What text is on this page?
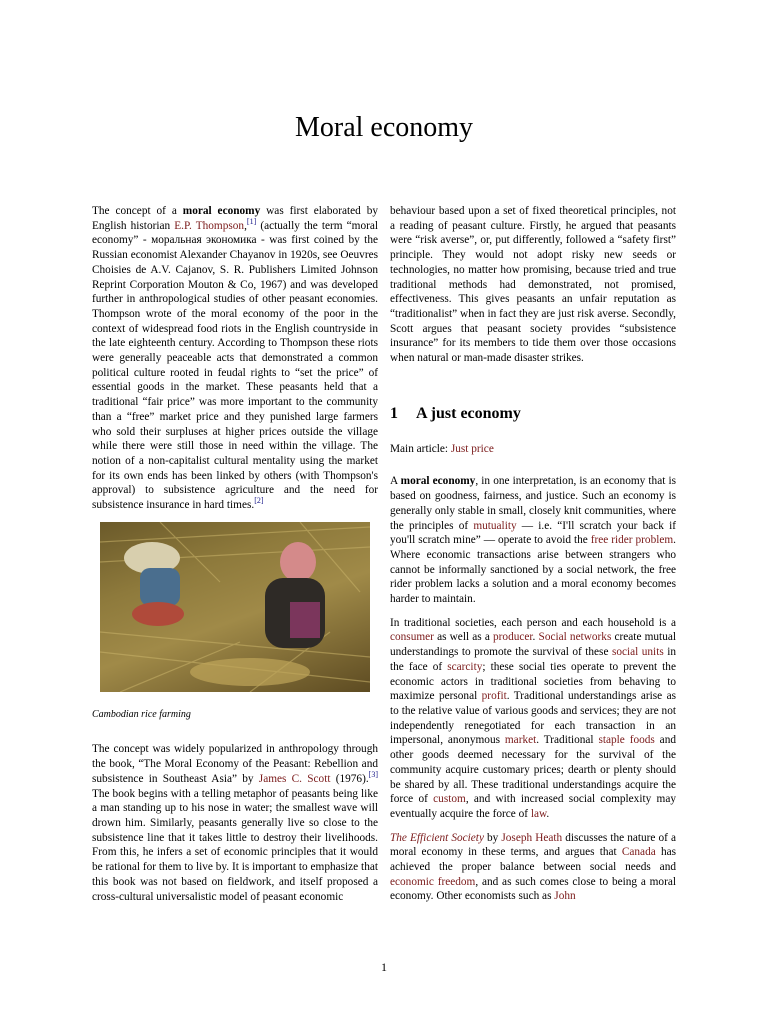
Moral economy

The concept of a moral economy was first elaborated by English historian E.P. Thompson,[1] (actually the term “moral economy” - моральная экономика - was first coined by the Russian economist Alexander Chayanov in 1920s, see Oeuvres Choisies de A.V. Cajanov, S. R. Publishers Limited Johnson Reprint Corporation Mouton & Co, 1967) and was developed further in anthropological studies of other peasant economies. Thompson wrote of the moral economy of the poor in the context of widespread food riots in the English countryside in the late eighteenth century. According to Thompson these riots were generally peaceable acts that demonstrated a common political culture rooted in feudal rights to “set the price” of essential goods in the market. These peasants held that a traditional “fair price” was more important to the community than a “free” market price and they punished large farmers who sold their surpluses at higher prices outside the village while there were still those in need within the village. The notion of a non-capitalist cultural mentality using the market for its own ends has been linked by others (with Thompson's approval) to subsistence agriculture and the need for subsistence insurance in hard times.[2]

Cambodian rice farming

The concept was widely popularized in anthropology through the book, “The Moral Economy of the Peasant: Rebellion and subsistence in Southeast Asia” by James C. Scott (1976).[3] The book begins with a telling metaphor of peasants being like a man standing up to his nose in water; the smallest wave will drown him. Similarly, peasants generally live so close to the subsistence line that it takes little to destroy their livelihoods. From this, he infers a set of economic principles that it would be rational for them to live by. It is important to emphasize that this book was not based on fieldwork, and itself proposed a cross-cultural universalistic model of peasant economic

behaviour based upon a set of fixed theoretical principles, not a reading of peasant culture. Firstly, he argued that peasants were “risk averse”, or, put differently, followed a “safety first” principle. They would not adopt risky new seeds or technologies, no matter how promising, because tried and true traditional methods had demonstrated, not promised, effectiveness. This gives peasants an unfair reputation as “traditionalist” when in fact they are just risk averse. Secondly, Scott argues that peasant society provides “subsistence insurance” for its members to tide them over those occasions when natural or man-made disaster strikes.

1 A just economy

Main article: Just price

A moral economy, in one interpretation, is an economy that is based on goodness, fairness, and justice. Such an economy is generally only stable in small, closely knit communities, where the principles of mutuality — i.e. “I'll scratch your back if you'll scratch mine” — operate to avoid the free rider problem. Where economic transactions arise between strangers who cannot be informally sanctioned by a social network, the free rider problem lacks a solution and a moral economy becomes harder to maintain.

In traditional societies, each person and each household is a consumer as well as a producer. Social networks create mutual understandings to promote the survival of these social units in the face of scarcity; these social ties operate to prevent the economic actors in traditional societies from behaving to maximize personal profit. Traditional understandings arise as to the relative value of various goods and services; they are not independently renegotiated for each transaction in an impersonal, anonymous market. Traditional staple foods and other goods deemed necessary for the survival of the community acquire customary prices; dearth or plenty should be shared by all. These traditional understandings acquire the force of custom, and with increased social complexity may eventually acquire the force of law.

The Efficient Society by Joseph Heath discusses the nature of a moral economy in these terms, and argues that Canada has achieved the proper balance between social needs and economic freedom, and as such comes close to being a moral economy. Other economists such as John

1
